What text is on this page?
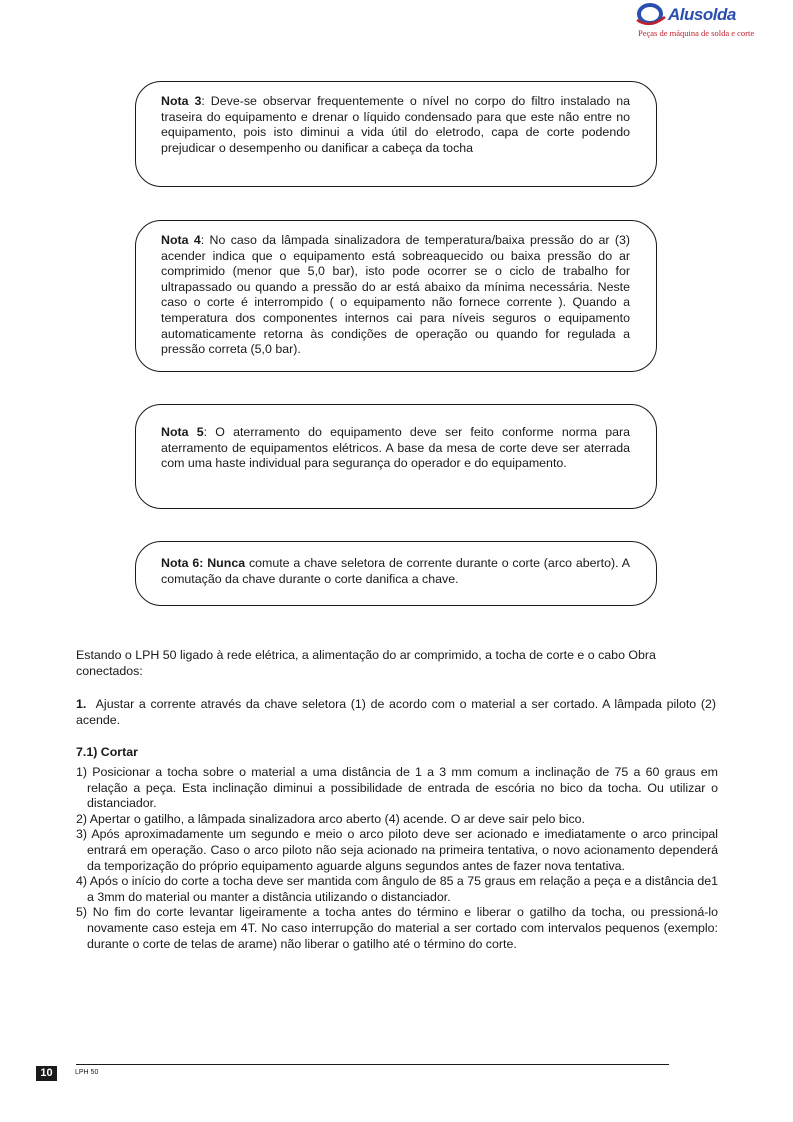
Alusolda
Peças de máquina de solda e corte
Nota 3: Deve-se observar frequentemente o nível no corpo do filtro instalado na traseira do equipamento e drenar o líquido condensado para que este não entre no equipamento, pois isto diminui a vida útil do eletrodo, capa de corte podendo prejudicar o desempenho ou danificar a cabeça da tocha
Nota 4: No caso da lâmpada sinalizadora de temperatura/baixa pressão do ar (3) acender indica que o equipamento está sobreaquecido ou baixa pressão do ar comprimido (menor que 5,0 bar), isto pode ocorrer se o ciclo de trabalho for ultrapassado ou quando a pressão do ar está abaixo da mínima necessária. Neste caso o corte é interrompido ( o equipamento não fornece corrente ). Quando a temperatura dos componentes internos cai para níveis seguros o equipamento automaticamente retorna às condições de operação ou quando for regulada a pressão correta (5,0 bar).
Nota 5: O aterramento do equipamento deve ser feito conforme norma para aterramento de equipamentos elétricos. A base da mesa de corte deve ser aterrada com uma haste individual para segurança do operador e do equipamento.
Nota 6: Nunca comute a chave seletora de corrente durante o corte (arco aberto). A comutação da chave durante o corte danifica a chave.
Estando o LPH 50 ligado à rede elétrica, a alimentação do ar comprimido, a tocha de corte e o cabo Obra conectados:
1. Ajustar a corrente através da chave seletora (1) de acordo com o material a ser cortado. A lâmpada piloto (2) acende.
7.1) Cortar
1) Posicionar a tocha sobre o material a uma distância de 1 a 3 mm comum a inclinação de 75 a 60 graus em relação a peça. Esta inclinação diminui a possibilidade de entrada de escória no bico da tocha. Ou utilizar o distanciador.
2) Apertar o gatilho, a lâmpada sinalizadora arco aberto (4) acende. O ar deve sair pelo bico.
3) Após aproximadamente um segundo e meio o arco piloto deve ser acionado e imediatamente o arco principal entrará em operação. Caso o arco piloto não seja acionado na primeira tentativa, o novo acionamento dependerá da temporização do próprio equipamento aguarde alguns segundos antes de fazer nova tentativa.
4) Após o início do corte a tocha deve ser mantida com ângulo de 85 a 75 graus em relação a peça e a distância de1 a 3mm do material ou manter a distância utilizando o distanciador.
5) No fim do corte levantar ligeiramente a tocha antes do término e liberar o gatilho da tocha, ou pressioná-lo novamente caso esteja em 4T. No caso interrupção do material a ser cortado com intervalos pequenos (exemplo: durante o corte de telas de arame) não liberar o gatilho até o término do corte.
10	LPH 50
